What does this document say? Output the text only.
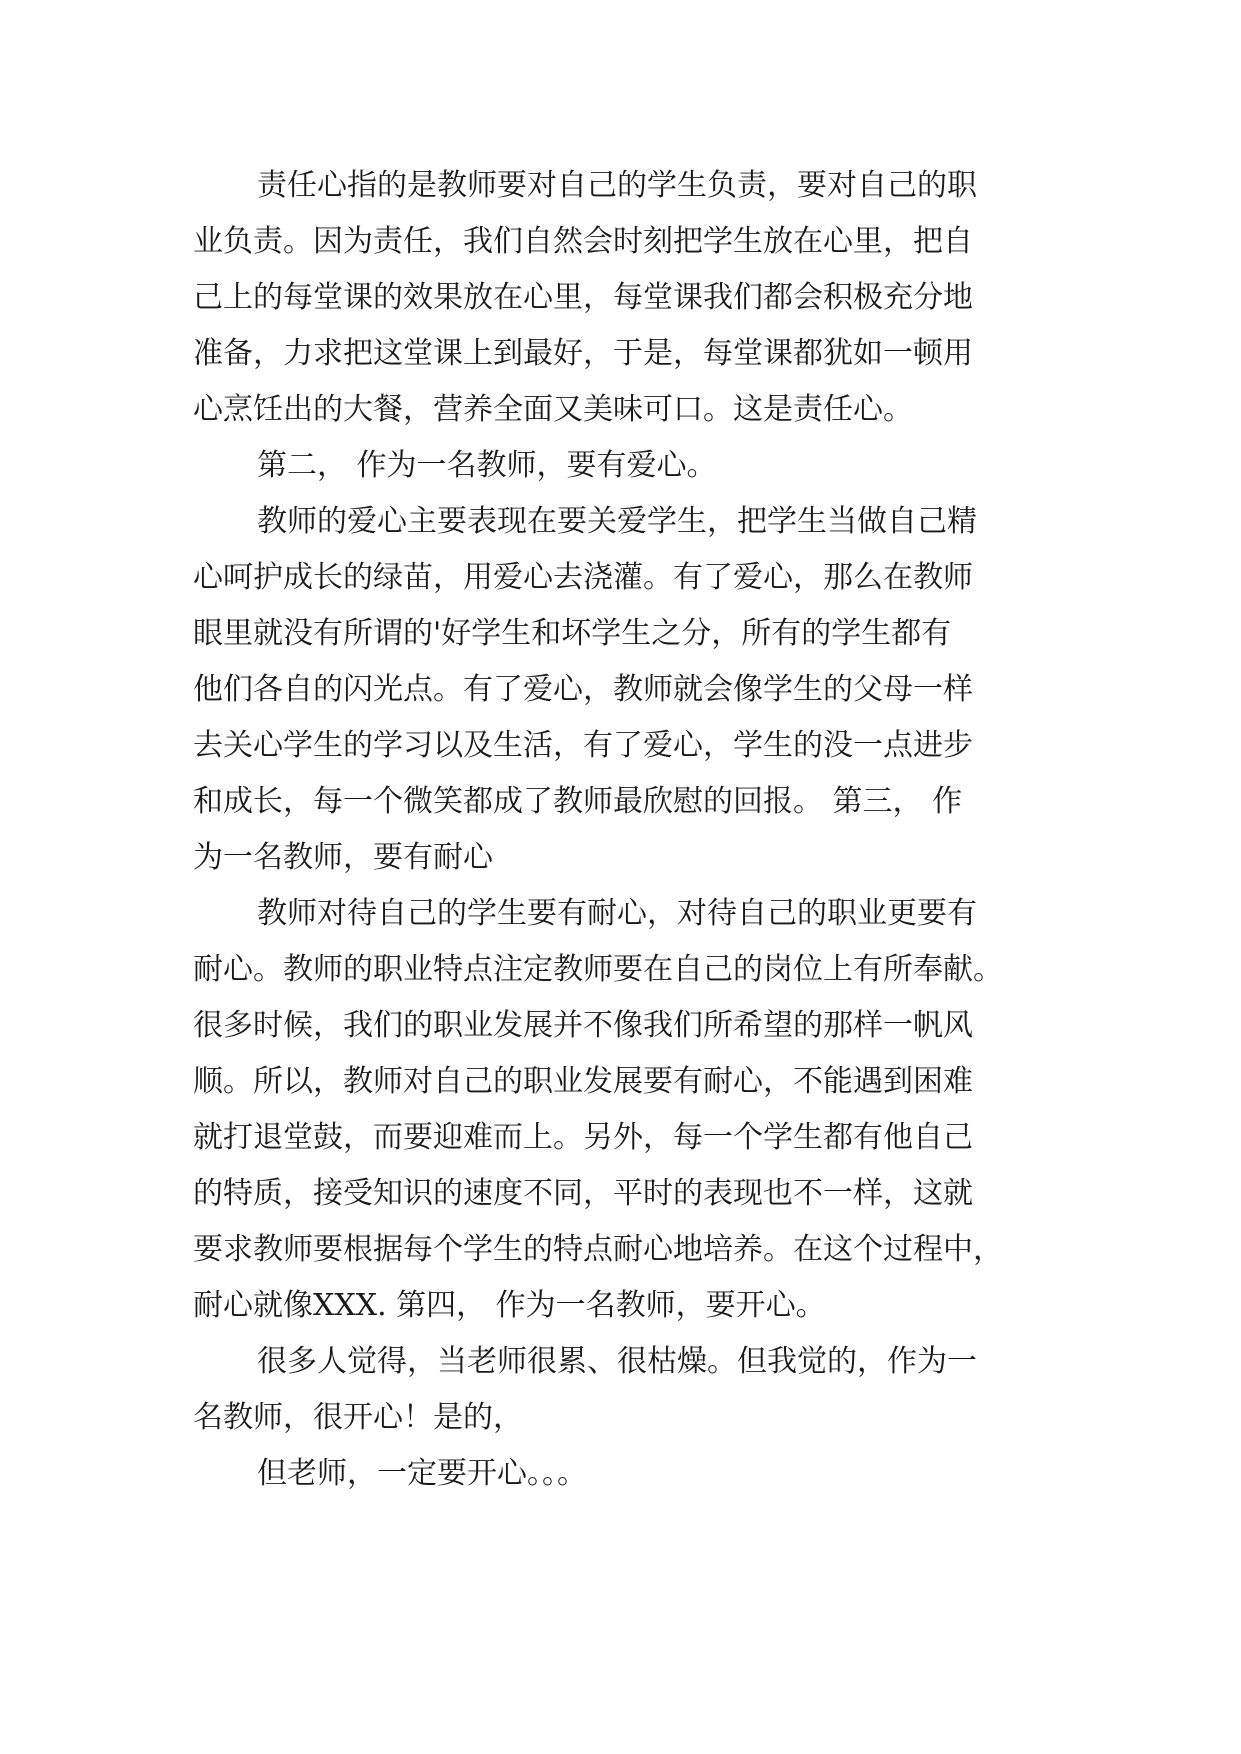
责任心指的是教师要对自己的学生负责，要对自己的职
业负责。因为责任，我们自然会时刻把学生放在心里，把自
己上的每堂课的效果放在心里，每堂课我们都会积极充分地
准备，力求把这堂课上到最好，于是，每堂课都犹如一顿用
心烹饪出的大餐，营养全面又美味可口。这是责任心。
第二， 作为一名教师，要有爱心。
教师的爱心主要表现在要关爱学生，把学生当做自己精
心呵护成长的绿苗，用爱心去浇灌。有了爱心，那么在教师
眼里就没有所谓的'好学生和坏学生之分，所有的学生都有
他们各自的闪光点。有了爱心，教师就会像学生的父母一样
去关心学生的学习以及生活，有了爱心，学生的没一点进步
和成长，每一个微笑都成了教师最欣慰的回报。 第三， 作
为一名教师，要有耐心
教师对待自己的学生要有耐心，对待自己的职业更要有
耐心。教师的职业特点注定教师要在自己的岗位上有所奉献。
很多时候，我们的职业发展并不像我们所希望的那样一帆风
顺。所以，教师对自己的职业发展要有耐心，不能遇到困难
就打退堂鼓，而要迎难而上。另外，每一个学生都有他自己
的特质，接受知识的速度不同，平时的表现也不一样，这就
要求教师要根据每个学生的特点耐心地培养。在这个过程中，
耐心就像XXX. 第四， 作为一名教师，要开心。
很多人觉得，当老师很累、很枯燥。但我觉的，作为一
名教师，很开心！是的，
但老师，一定要开心。。。
